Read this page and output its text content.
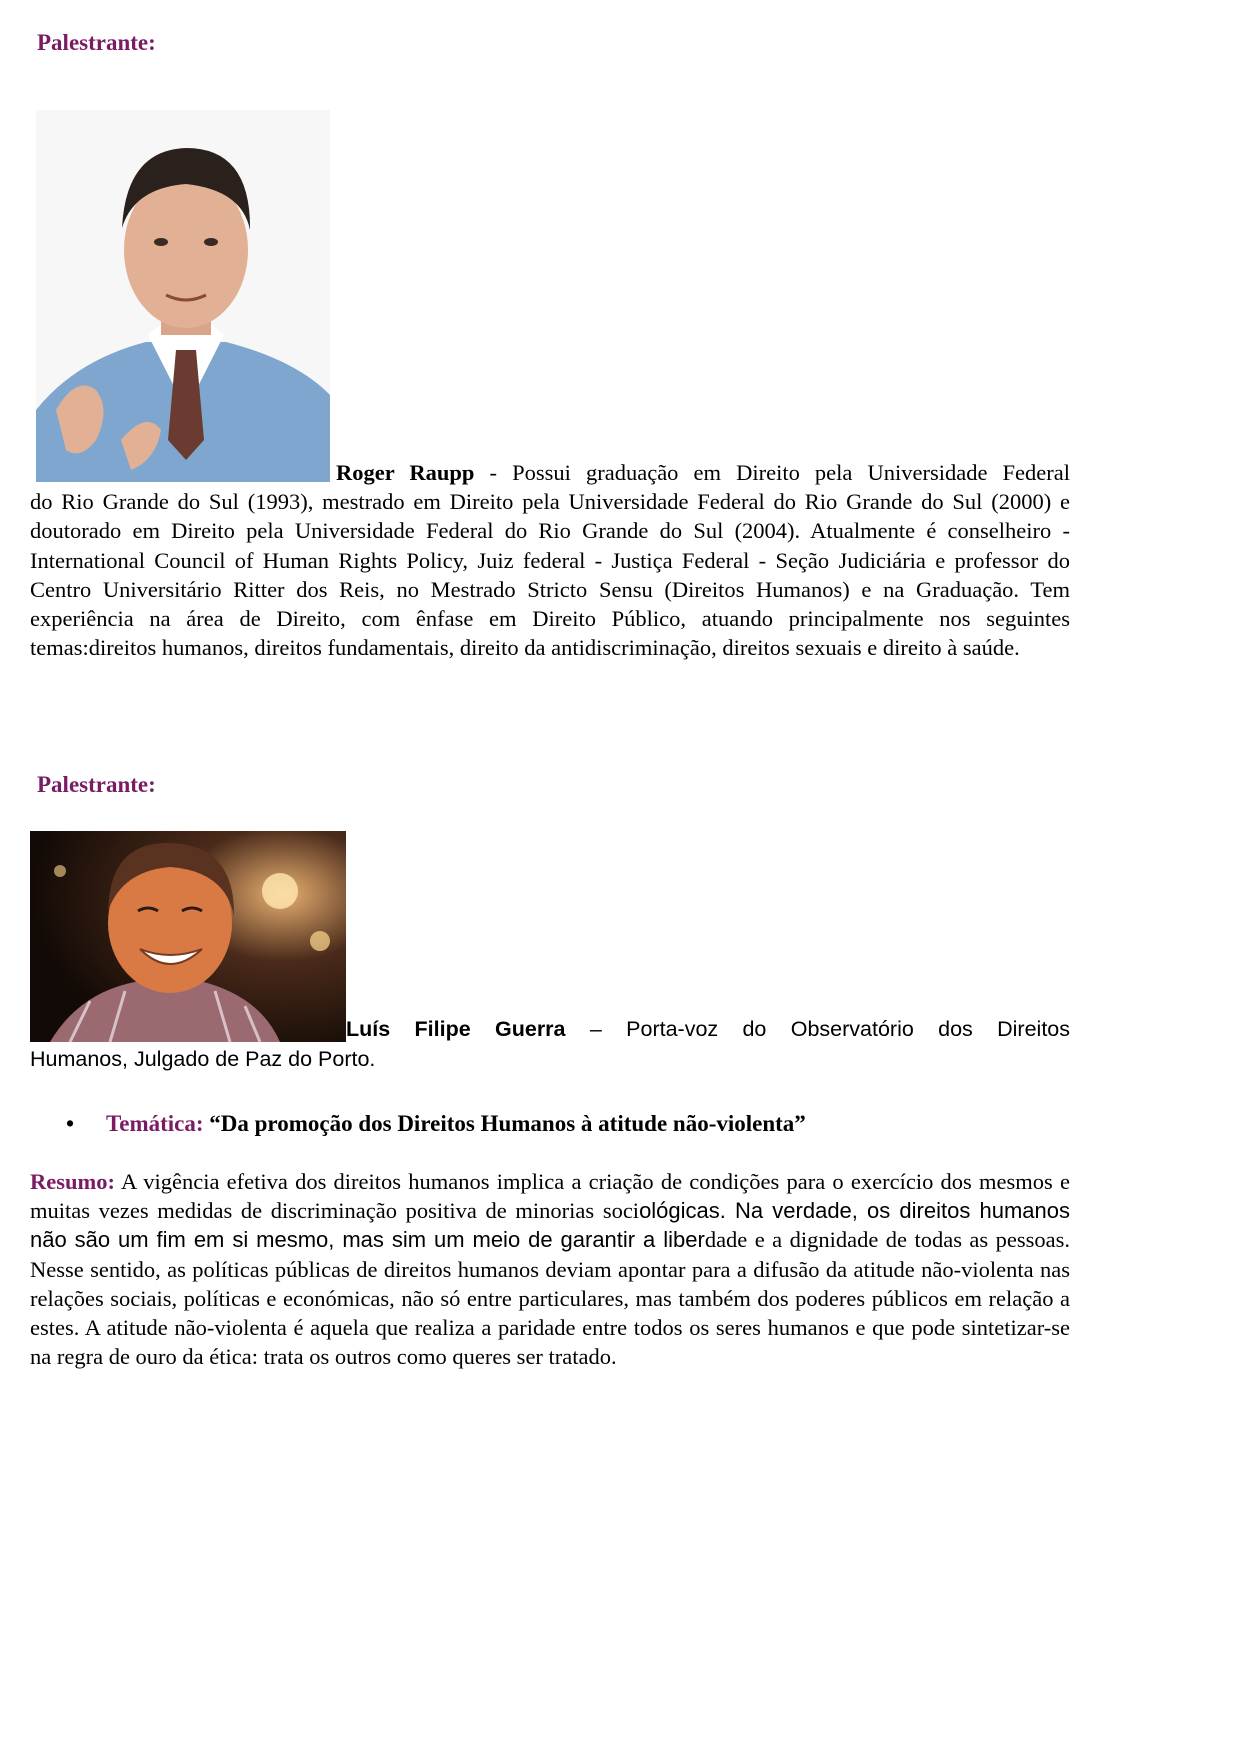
Palestrante:

Roger Raupp - Possui graduação em Direito pela Universidade Federal
do Rio Grande do Sul (1993), mestrado em Direito pela Universidade Federal do Rio Grande do Sul (2000) e doutorado em Direito pela Universidade Federal do Rio Grande do Sul (2004). Atualmente é conselheiro - International Council of Human Rights Policy, Juiz federal - Justiça Federal - Seção Judiciária e professor do Centro Universitário Ritter dos Reis, no Mestrado Stricto Sensu (Direitos Humanos) e na Graduação. Tem experiência na área de Direito, com ênfase em Direito Público, atuando principalmente nos seguintes temas:direitos humanos, direitos fundamentais, direito da antidiscriminação, direitos sexuais e direito à saúde.

Palestrante:

Luís Filipe Guerra – Porta-voz do Observatório dos Direitos
Humanos, Julgado de Paz do Porto.

• Temática: “Da promoção dos Direitos Humanos à atitude não-violenta”

Resumo: A vigência efetiva dos direitos humanos implica a criação de condições para o exercício dos mesmos e muitas vezes medidas de discriminação positiva de minorias sociológicas. Na verdade, os direitos humanos não são um fim em si mesmo, mas sim um meio de garantir a liberdade e a dignidade de todas as pessoas. Nesse sentido, as políticas públicas de direitos humanos deviam apontar para a difusão da atitude não-violenta nas relações sociais, políticas e económicas, não só entre particulares, mas também dos poderes públicos em relação a estes. A atitude não-violenta é aquela que realiza a paridade entre todos os seres humanos e que pode sintetizar-se na regra de ouro da ética: trata os outros como queres ser tratado.
